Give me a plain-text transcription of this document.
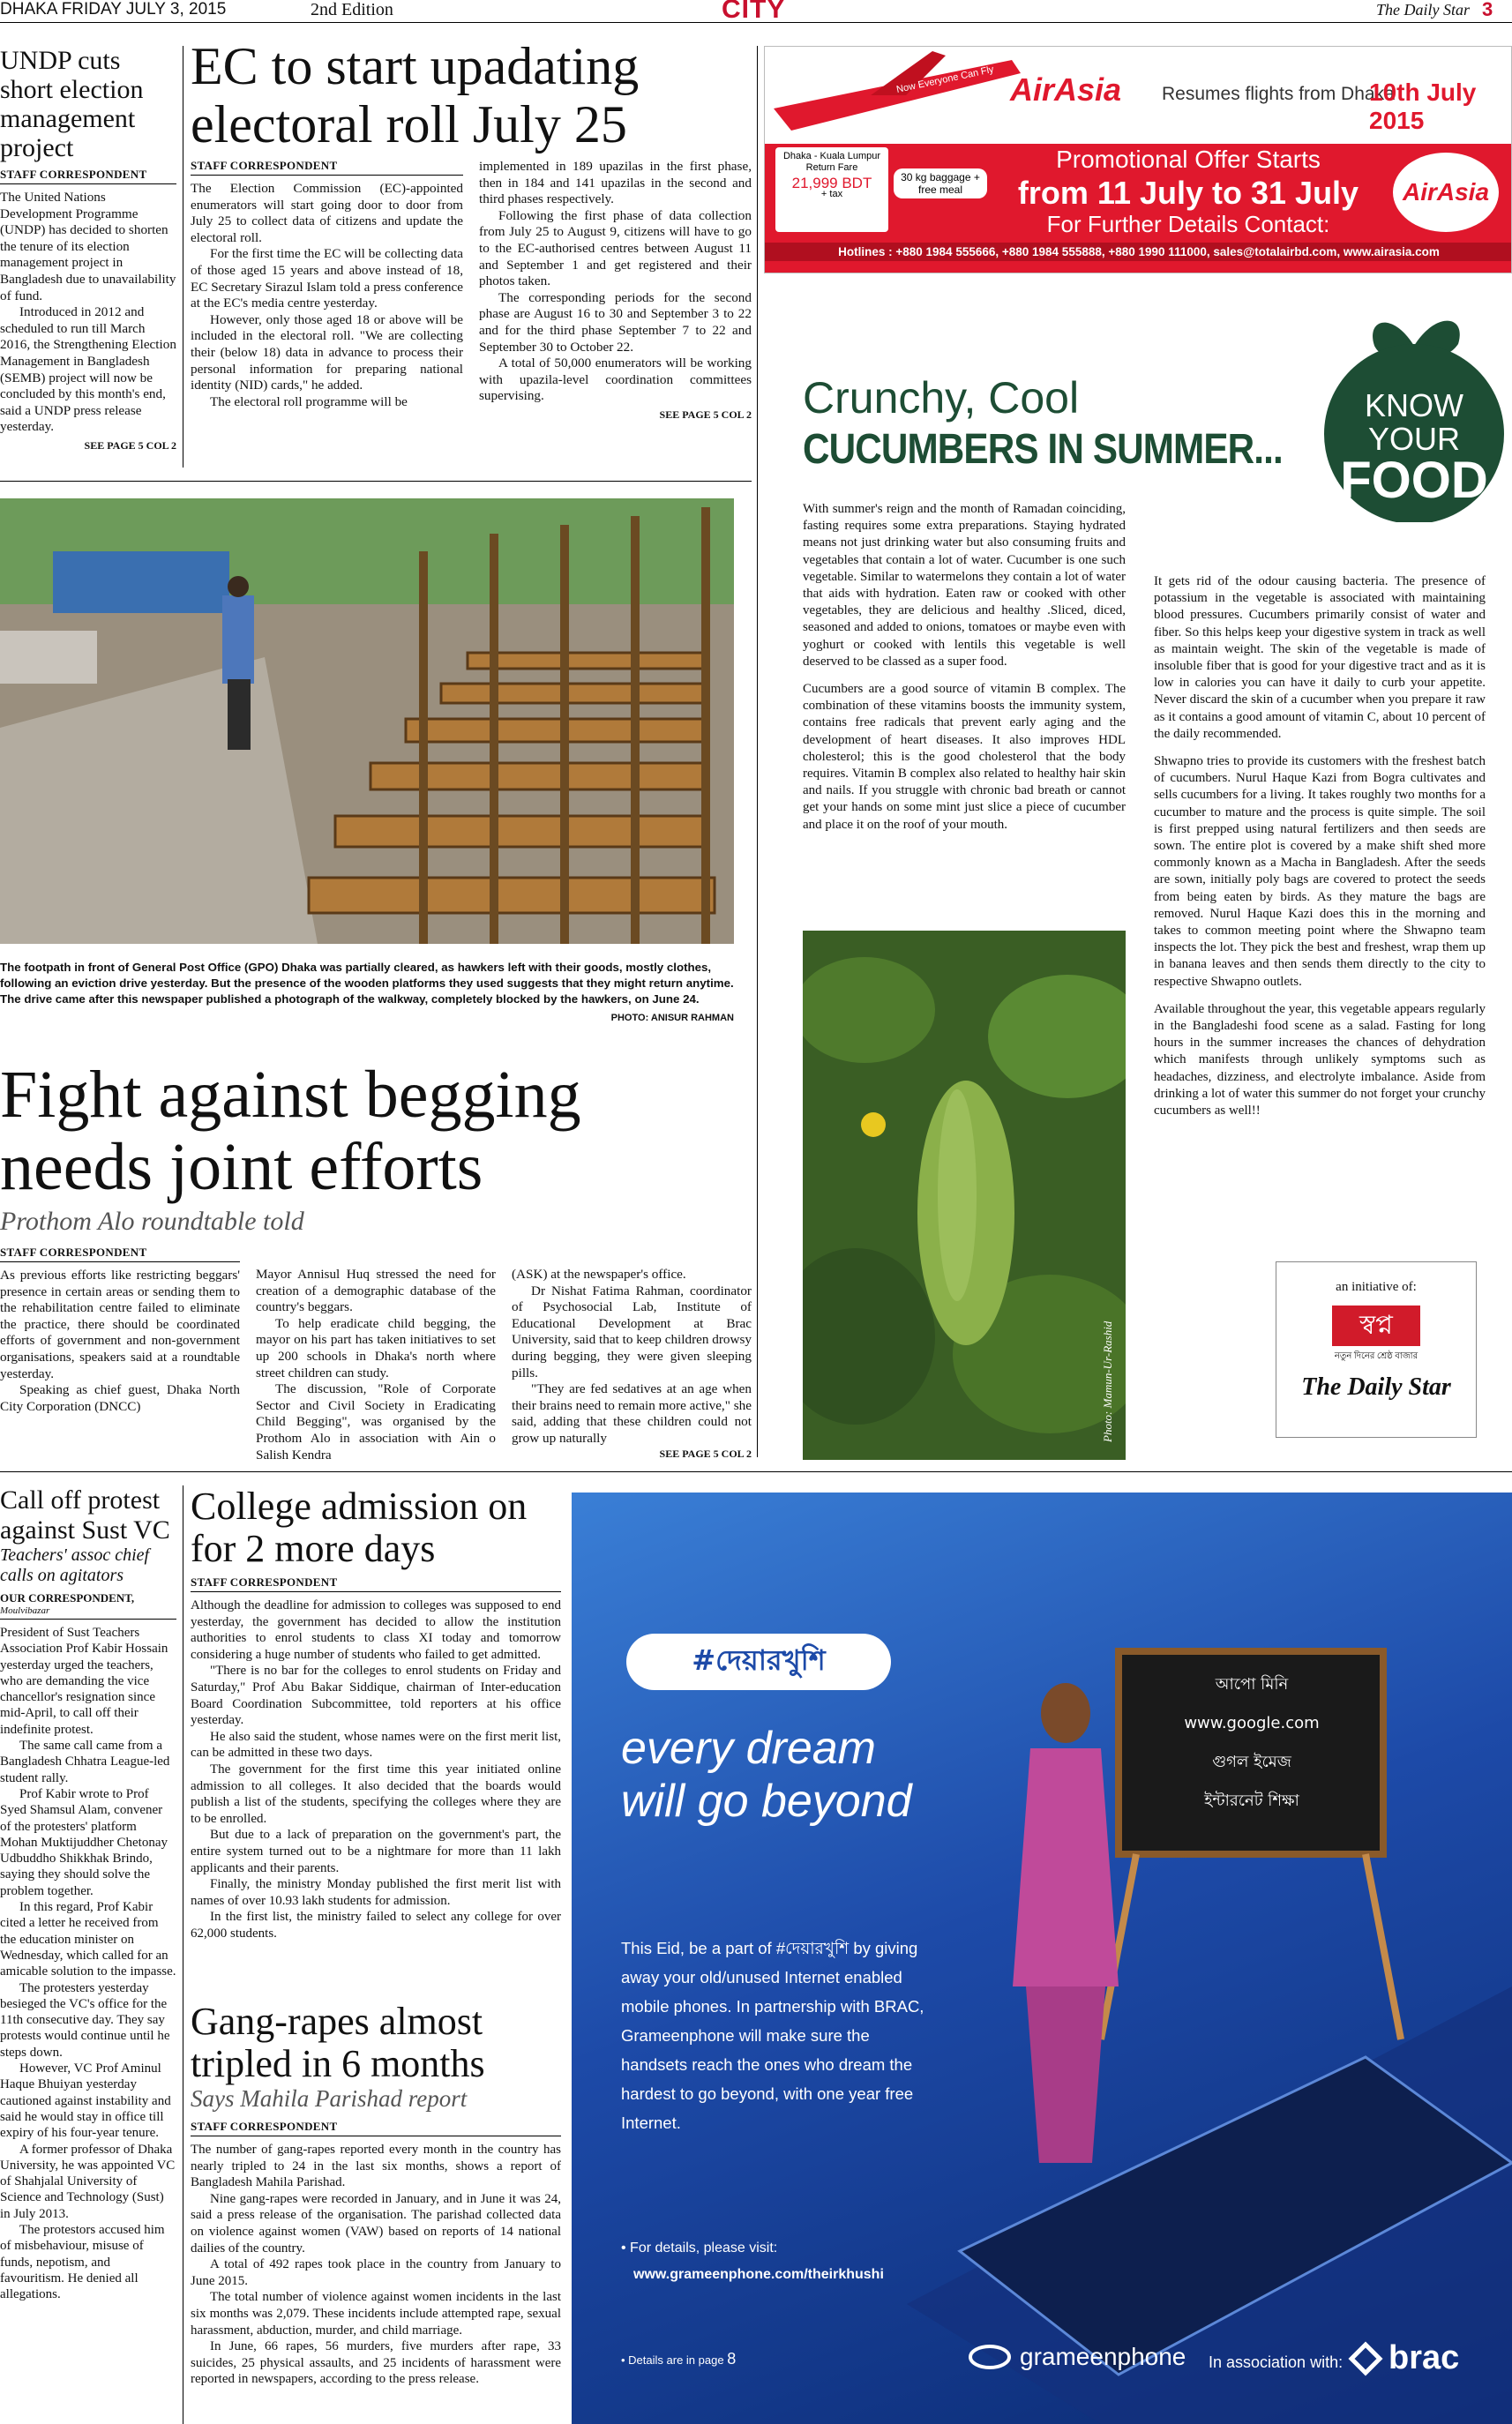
DHAKA FRIDAY JULY 3, 2015	2nd Edition	CITY	The Daily Star 3
UNDP cuts short election management project
STAFF CORRESPONDENT

The United Nations Development Programme (UNDP) has decided to shorten the tenure of its election management project in Bangladesh due to unavailability of fund.

Introduced in 2012 and scheduled to run till March 2016, the Strengthening Election Management in Bangladesh (SEMB) project will now be concluded by this month's end, said a UNDP press release yesterday.

SEE PAGE 5 COL 2
EC to start upadating electoral roll July 25
STAFF CORRESPONDENT

The Election Commission (EC)-appointed enumerators will start going door to door from July 25 to collect data of citizens and update the electoral roll.

For the first time the EC will be collecting data of those aged 15 years and above instead of 18, EC Secretary Sirazul Islam told a press conference at the EC's media centre yesterday.

However, only those aged 18 or above will be included in the electoral roll. "We are collecting their (below 18) data in advance to process their personal information for preparing national identity (NID) cards," he added.

The electoral roll programme will be

implemented in 189 upazilas in the first phase, then in 184 and 141 upazilas in the second and third phases respectively.

Following the first phase of data collection from July 25 to August 9, citizens will have to go to the EC-authorised centres between August 11 and September 1 and get registered and their photos taken.

The corresponding periods for the second phase are August 16 to 30 and September 3 to 22 and for the third phase September 7 to 22 and September 30 to October 22.

A total of 50,000 enumerators will be working with upazila-level coordination committees supervising.

SEE PAGE 5 COL 2
The footpath in front of General Post Office (GPO) Dhaka was partially cleared, as hawkers left with their goods, mostly clothes, following an eviction drive yesterday. But the presence of the wooden platforms they used suggests that they might return anytime. The drive came after this newspaper published a photograph of the walkway, completely blocked by the hawkers, on June 24.
PHOTO: ANISUR RAHMAN
Fight against begging needs joint efforts
Prothom Alo roundtable told
STAFF CORRESPONDENT

As previous efforts like restricting beggars' presence in certain areas or sending them to the rehabilitation centre failed to eliminate the practice, there should be coordinated efforts of government and non-government organisations, speakers said at a roundtable yesterday.

Speaking as chief guest, Dhaka North City Corporation (DNCC)

Mayor Annisul Huq stressed the need for creation of a demographic database of the country's beggars.

To help eradicate child begging, the mayor on his part has taken initiatives to set up 200 schools in Dhaka's north where street children can study.

The discussion, "Role of Corporate Sector and Civil Society in Eradicating Child Begging", was organised by the Prothom Alo in association with Ain o Salish Kendra

(ASK) at the newspaper's office.

Dr Nishat Fatima Rahman, coordinator of Psychosocial Lab, Institute of Educational Development at Brac University, said that to keep children drowsy during begging, they were given sleeping pills.

"They are fed sedatives at an age when their brains need to remain more active," she said, adding that these children could not grow up naturally

SEE PAGE 5 COL 2
Now Everyone Can Fly AirAsia Resumes flights from Dhaka
10th July 2015
Dhaka - Kuala Lumpur
Return Fare
21,999 BDT
+ tax
30 kg baggage + free meal
Promotional Offer Starts
from 11 July to 31 July
For Further Details Contact:
AirAsia
Hotlines : +880 1984 555666, +880 1984 555888, +880 1990 111000, sales@totalairbd.com, www.airasia.com
Crunchy, Cool
CUCUMBERS IN SUMMER...
KNOW
YOUR
FOOD

With summer's reign and the month of Ramadan coinciding, fasting requires some extra preparations. Staying hydrated means not just drinking water but also consuming fruits and vegetables that contain a lot of water. Cucumber is one such vegetable. Similar to watermelons they contain a lot of water that aids with hydration. Eaten raw or cooked with other vegetables, they are delicious and healthy .Sliced, diced, seasoned and added to onions, tomatoes or maybe even with yoghurt or cooked with lentils this vegetable is well deserved to be classed as a super food.

Cucumbers are a good source of vitamin B complex. The combination of these vitamins boosts the immunity system, contains free radicals that prevent early aging and the development of heart diseases. It also improves HDL cholesterol; this is the good cholesterol that the body requires. Vitamin B complex also related to healthy hair skin and nails. If you struggle with chronic bad breath or cannot get your hands on some mint just slice a piece of cucumber and place it on the roof of your mouth.

Photo: Mamun-Ur-Rashid

It gets rid of the odour causing bacteria. The presence of potassium in the vegetable is associated with maintaining blood pressures. Cucumbers primarily consist of water and fiber. So this helps keep your digestive system in track as well as maintain weight. The skin of the vegetable is made of insoluble fiber that is good for your digestive tract and as it is low in calories you can have it daily to curb your appetite. Never discard the skin of a cucumber when you prepare it raw as it contains a good amount of vitamin C, about 10 percent of the daily recommended.

Shwapno tries to provide its customers with the freshest batch of cucumbers. Nurul Haque Kazi from Bogra cultivates and sells cucumbers for a living. It takes roughly two months for a cucumber to mature and the process is quite simple. The soil is first prepped using natural fertilizers and then seeds are sown. The entire plot is covered by a make shift shed more commonly known as a Macha in Bangladesh. After the seeds are sown, initially poly bags are covered to protect the seeds from being eaten by birds. As they mature the bags are removed. Nurul Haque Kazi does this in the morning and takes to common meeting point where the Shwapno team inspects the lot. They pick the best and freshest, wrap them up in banana leaves and then sends them directly to the city to respective Shwapno outlets.

Available throughout the year, this vegetable appears regularly in the Bangladeshi food scene as a salad. Fasting for long hours in the summer increases the chances of dehydration which manifests through unlikely symptoms such as headaches, dizziness, and electrolyte imbalance. Aside from drinking a lot of water this summer do not forget your crunchy cucumbers as well!!

an initiative of:
স্বপ্ন
নতুন দিনের শ্রেষ্ঠ বাজার
The Daily Star
Call off protest against Sust VC
Teachers' assoc chief calls on agitators
OUR CORRESPONDENT,
Moulvibazar

President of Sust Teachers Association Prof Kabir Hossain yesterday urged the teachers, who are demanding the vice chancellor's resignation since mid-April, to call off their indefinite protest.

The same call came from a Bangladesh Chhatra League-led student rally.

Prof Kabir wrote to Prof Syed Shamsul Alam, convener of the protesters' platform Mohan Muktijuddher Chetonay Udbuddho Shikkhak Brindo, saying they should solve the problem together.

In this regard, Prof Kabir cited a letter he received from the education minister on Wednesday, which called for an amicable solution to the impasse.

The protesters yesterday besieged the VC's office for the 11th consecutive day. They say protests would continue until he steps down.

However, VC Prof Aminul Haque Bhuiyan yesterday cautioned against instability and said he would stay in office till expiry of his four-year tenure.

A former professor of Dhaka University, he was appointed VC of Shahjalal University of Science and Technology (Sust) in July 2013.

The protestors accused him of misbehaviour, misuse of funds, nepotism, and favouritism. He denied all allegations.

College admission on for 2 more days
STAFF CORRESPONDENT

Although the deadline for admission to colleges was supposed to end yesterday, the government has decided to allow the institution authorities to enrol students to class XI today and tomorrow considering a huge number of students who failed to get admitted.

"There is no bar for the colleges to enrol students on Friday and Saturday," Prof Abu Bakar Siddique, chairman of Inter-education Board Coordination Subcommittee, told reporters at his office yesterday.

He also said the student, whose names were on the first merit list, can be admitted in these two days.

The government for the first time this year initiated online admission to all colleges. It also decided that the boards would publish a list of the students, specifying the colleges where they are to be enrolled.

But due to a lack of preparation on the government's part, the entire system turned out to be a nightmare for more than 11 lakh applicants and their parents.

Finally, the ministry Monday published the first merit list with names of over 10.93 lakh students for admission.

In the first list, the ministry failed to select any college for over 62,000 students.

Gang-rapes almost tripled in 6 months
Says Mahila Parishad report
STAFF CORRESPONDENT

The number of gang-rapes reported every month in the country has nearly tripled to 24 in the last six months, shows a report of Bangladesh Mahila Parishad.

Nine gang-rapes were recorded in January, and in June it was 24, said a press release of the organisation. The parishad collected data on violence against women (VAW) based on reports of 14 national dailies of the country.

A total of 492 rapes took place in the country from January to June 2015.

The total number of violence against women incidents in the last six months was 2,079. These incidents include attempted rape, sexual harassment, abduction, murder, and child marriage.

In June, 66 rapes, 56 murders, five murders after rape, 33 suicides, 25 physical assaults, and 25 incidents of harassment were reported in newspapers, according to the press release.

আপো মিনি
www.google.com
গুগল ইমেজ
ইন্টারনেট শিক্ষা
#দেয়ারখুশি
every dream
will go beyond
This Eid, be a part of #দেয়ারখুশি by giving away your old/unused Internet enabled mobile phones. In partnership with BRAC, Grameenphone will make sure the handsets reach the ones who dream the hardest to go beyond, with one year free Internet.
• For details, please visit:
www.grameenphone.com/theirkhushi
• Details are in page 8	grameenphone In association with: brac
